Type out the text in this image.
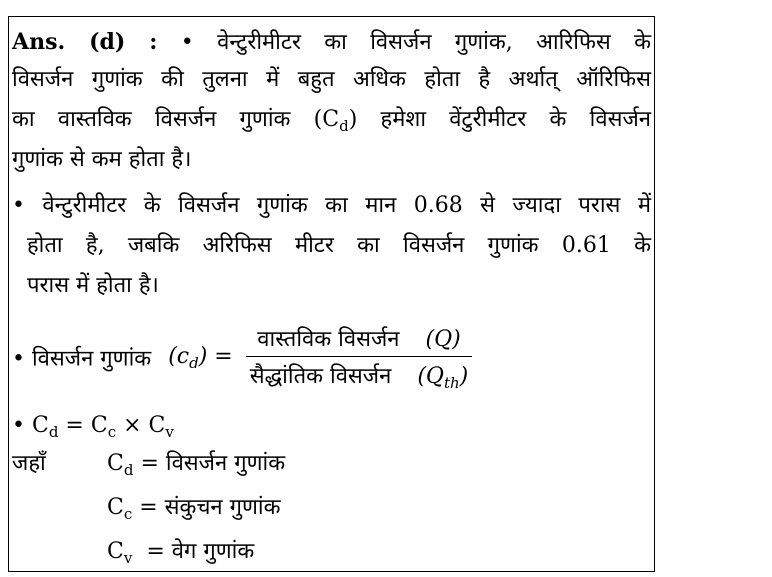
Ans. (d) : • वेन्टुरीमीटर का विसर्जन गुणांक, आरिफिस के
विसर्जन गुणांक की तुलना में बहुत अधिक होता है अर्थात् ऑरिफिस
का वास्तविक विसर्जन गुणांक $(C_d)$ हमेशा वेंटुरीमीटर के विसर्जन
गुणांक से कम होता है।
• वेन्टुरीमीटर के विसर्जन गुणांक का मान 0.68 से ज्यादा परास में
होता है, जबकि अरिफिस मीटर का विसर्जन गुणांक 0.61 के
परास में होता है।
• विसर्जन गुणांक $(c_d) = \frac{\text{वास्तविक विसर्जन (Q)}}{सैद्धांतिक विसर्जन (Q_{th})}$
• $C_d = C_c \times C_v$
जहाँ	$C_d$ = विसर्जन गुणांक
$C_c$ = संकुचन गुणांक
$C_v$  = वेग गुणांक
